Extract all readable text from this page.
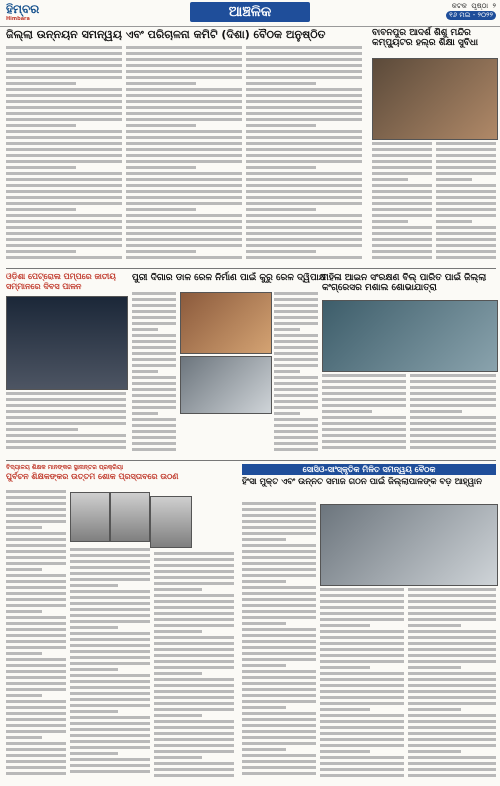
ହିମ୍ବର
Himbara	ଆଞ୍ଚଳିକ	କଟକ ପୃଷ୍ଠା ୨
୧୬ ମଇ - ୨୦୨୨
ଜିଲ୍ଲା ଉନ୍ନୟନ ସମନ୍ୱୟ ଏବଂ ପରିଚାଳନା କମିଟି (ଦିଶା) ବୈଠକ ଅନୁଷ୍ଠିତ	ବାବନପୁର ଆଦର୍ଶ ଶିଶୁ ମନ୍ଦିର କମ୍ପ୍ୟୁଟର ହଲ୍ର ଶିକ୍ଷା ସୁବିଧା
ଓଡ଼ିଶା ପେଟ୍ରୋଲ ପମ୍ପରେ ଜାତୀୟ ସମ୍ମାନରେ ଦିବସ ପାଳନ
ପୁରୀ ଦିଗାର ଡାଳ ରେଳ ନିର୍ମାଣ ପାଇଁ କୁରୁ ରେଳ ଦ୍ୱିପାକ୍ଷ
ମହିଳା ଆଇନ ସଂରକ୍ଷଣ ବିଲ୍ ପାରିତ ପାଇଁ ଜିଲ୍ଲା କଂଗ୍ରେସର ମଶାଲ ଶୋଭାଯାତ୍ରା
ବିଦ୍ୟାଳୟ ଶିକ୍ଷକ ମାନଙ୍କର ସ୍ଥାନାନ୍ତର ପ୍ରକ୍ରିୟା
ପୁର୍ବଚନ ଶିକ୍ଷକଙ୍କର ଉତ୍ତମ ଶୋକ ପ୍ରସ୍ତାବରେ ଉଠଣ
ସୋସିଓ-ସାଂସ୍କୃତିକ ମିଳିତ ସମନ୍ୱୟ ବୈଠକ
ହିଂସା ମୁକ୍ତ ଏବଂ ଉନ୍ନତ ସମାଜ ଗଠନ ପାଇଁ ଜିଲ୍ଲାପାଳଙ୍କ ବଡ଼ ଆହ୍ୱାନ
